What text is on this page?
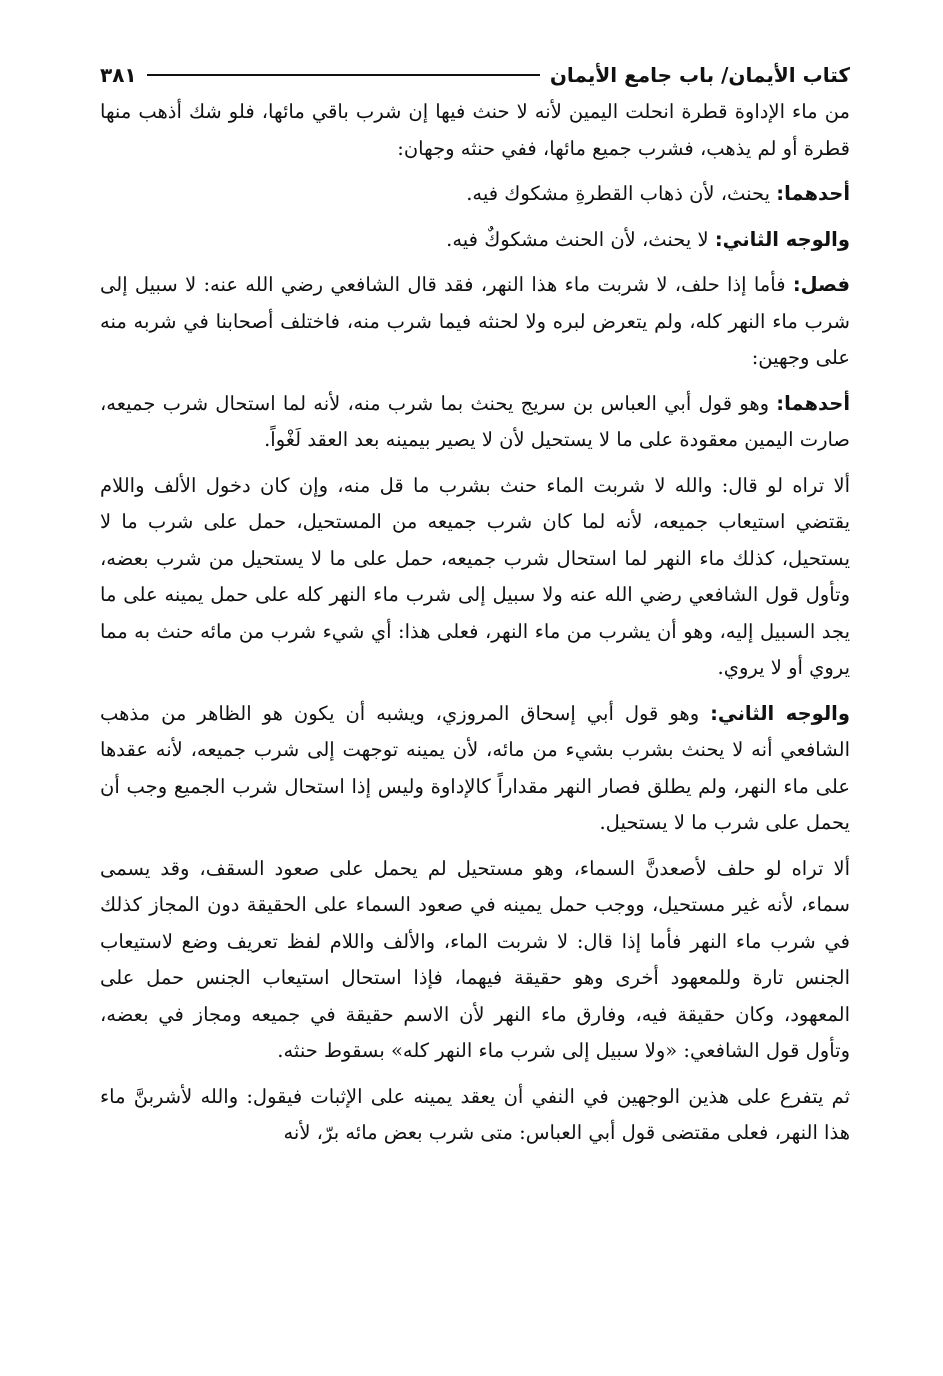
كتاب الأيمان/ باب جامع الأيمان
٣٨١

من ماء الإداوة قطرة انحلت اليمين لأنه لا حنث فيها إن شرب باقي مائها، فلو شك أذهب منها قطرة أو لم يذهب، فشرب جميع مائها، ففي حنثه وجهان:

أحدهما: يحنث، لأن ذهاب القطرةِ مشكوك فيه.

والوجه الثاني: لا يحنث، لأن الحنث مشكوكٌ فيه.

فصل: فأما إذا حلف، لا شربت ماء هذا النهر، فقد قال الشافعي رضي الله عنه: لا سبيل إلى شرب ماء النهر كله، ولم يتعرض لبره ولا لحنثه فيما شرب منه، فاختلف أصحابنا في شربه منه على وجهين:

أحدهما: وهو قول أبي العباس بن سريج يحنث بما شرب منه، لأنه لما استحال شرب جميعه، صارت اليمين معقودة على ما لا يستحيل لأن لا يصير بيمينه بعد العقد لَغْواً.

ألا تراه لو قال: والله لا شربت الماء حنث بشرب ما قل منه، وإن كان دخول الألف واللام يقتضي استيعاب جميعه، لأنه لما كان شرب جميعه من المستحيل، حمل على شرب ما لا يستحيل، كذلك ماء النهر لما استحال شرب جميعه، حمل على ما لا يستحيل من شرب بعضه، وتأول قول الشافعي رضي الله عنه ولا سبيل إلى شرب ماء النهر كله على حمل يمينه على ما يجد السبيل إليه، وهو أن يشرب من ماء النهر، فعلى هذا: أي شيء شرب من مائه حنث به مما يروي أو لا يروي.

والوجه الثاني: وهو قول أبي إسحاق المروزي، ويشبه أن يكون هو الظاهر من مذهب الشافعي أنه لا يحنث بشرب بشيء من مائه، لأن يمينه توجهت إلى شرب جميعه، لأنه عقدها على ماء النهر، ولم يطلق فصار النهر مقداراً كالإداوة وليس إذا استحال شرب الجميع وجب أن يحمل على شرب ما لا يستحيل.

ألا تراه لو حلف لأصعدنَّ السماء، وهو مستحيل لم يحمل على صعود السقف، وقد يسمى سماء، لأنه غير مستحيل، ووجب حمل يمينه في صعود السماء على الحقيقة دون المجاز كذلك في شرب ماء النهر فأما إذا قال: لا شربت الماء، والألف واللام لفظ تعريف وضع لاستيعاب الجنس تارة وللمعهود أخرى وهو حقيقة فيهما، فإذا استحال استيعاب الجنس حمل على المعهود، وكان حقيقة فيه، وفارق ماء النهر لأن الاسم حقيقة في جميعه ومجاز في بعضه، وتأول قول الشافعي: «ولا سبيل إلى شرب ماء النهر كله» بسقوط حنثه.

ثم يتفرع على هذين الوجهين في النفي أن يعقد يمينه على الإثبات فيقول: والله لأشربنَّ ماء هذا النهر، فعلى مقتضى قول أبي العباس: متى شرب بعض مائه برّ، لأنه
